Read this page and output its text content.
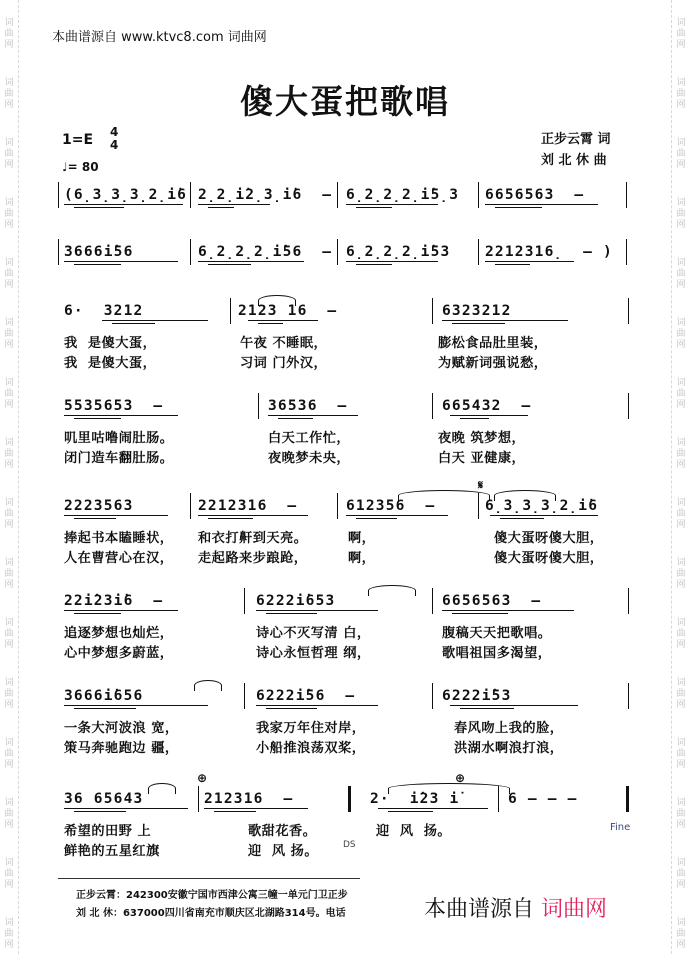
词
曲
网
词
曲
网
词
曲
网
词
曲
网
词
曲
网
词
曲
网
词
曲
网
词
曲
网
词
曲
网
词
曲
网
词
曲
网
词
曲
网
词
曲
网
词
曲
网
词
曲
网
词
曲
网
词
曲
网
词
曲
网
词
曲
网
词
曲
网
词
曲
网
词
曲
网
词
曲
网
词
曲
网
词
曲
网
词
曲
网
词
曲
网
词
曲
网
词
曲
网
词
曲
网
词
曲
网
词
曲
网
本曲谱源自 www.ktvc8.com 词曲网
傻大蛋把歌唱
1=E 4
4
♩= 80
正步云霄 词
刘 北 休 曲
(6̣3̣3̣3̣2̣i̇6 2̣2̣i̇2̣3̣i̇6  – 6̣2̣2̣2̣i̇5̣3 6656563  –
3666i̇56	6̣2̣2̣2̣i̇56  – 6̣2̣2̣2̣i̇53 2212316̣  – )
6·  3212	2123 16  –	6323212
我  是傻大蛋，	午夜 不睡眠，	膨松食品肚里装，
我  是傻大蛋，	习词 门外汉，	为赋新词强说愁，
5535653  –	36536  –	665432  –
叽里咕噜闹肚肠。	白天工作忙，	夜晚 筑梦想，
闭门造车翻肚肠。	夜晚梦未央，	白天 亚健康，
2223563	2212316  –	612356  –	6̣3̣3̣3̣2̣i̇6
捧起书本瞌睡状， 和衣打鼾到天亮。	啊，	傻大蛋呀傻大胆，
人在曹营心在汉， 走起路来步踉跄，	啊，	傻大蛋呀傻大胆，
22i̇23i̇6  –	6222i̇653	6656563  –
追逐梦想也灿烂，	诗心不灭写清 白，	腹稿天天把歌唱。
心中梦想多蔚蓝，	诗心永恒哲理 纲，	歌唱祖国多渴望，
3666i̇656	6222i̇56  –	6222i̇53
一条大河波浪 宽，	我家万年住对岸，	春风吻上我的脸，
策马奔驰跑边 疆，	小船推浪荡双桨，	洪湖水啊浪打浪，
36 65643	212316  –	2·  i̇23 i̇	6 – – –
希望的田野 上	歌甜花香。	迎  风  扬。
鲜艳的五星红旗	迎  风 扬。
𝄋
⊕	⊕
Fine
DS
正步云霄：242300安徽宁国市西津公寓三幢一单元门卫正步
刘 北 休：637000四川省南充市顺庆区北湖路314号。电话	本曲谱源自 词曲网
